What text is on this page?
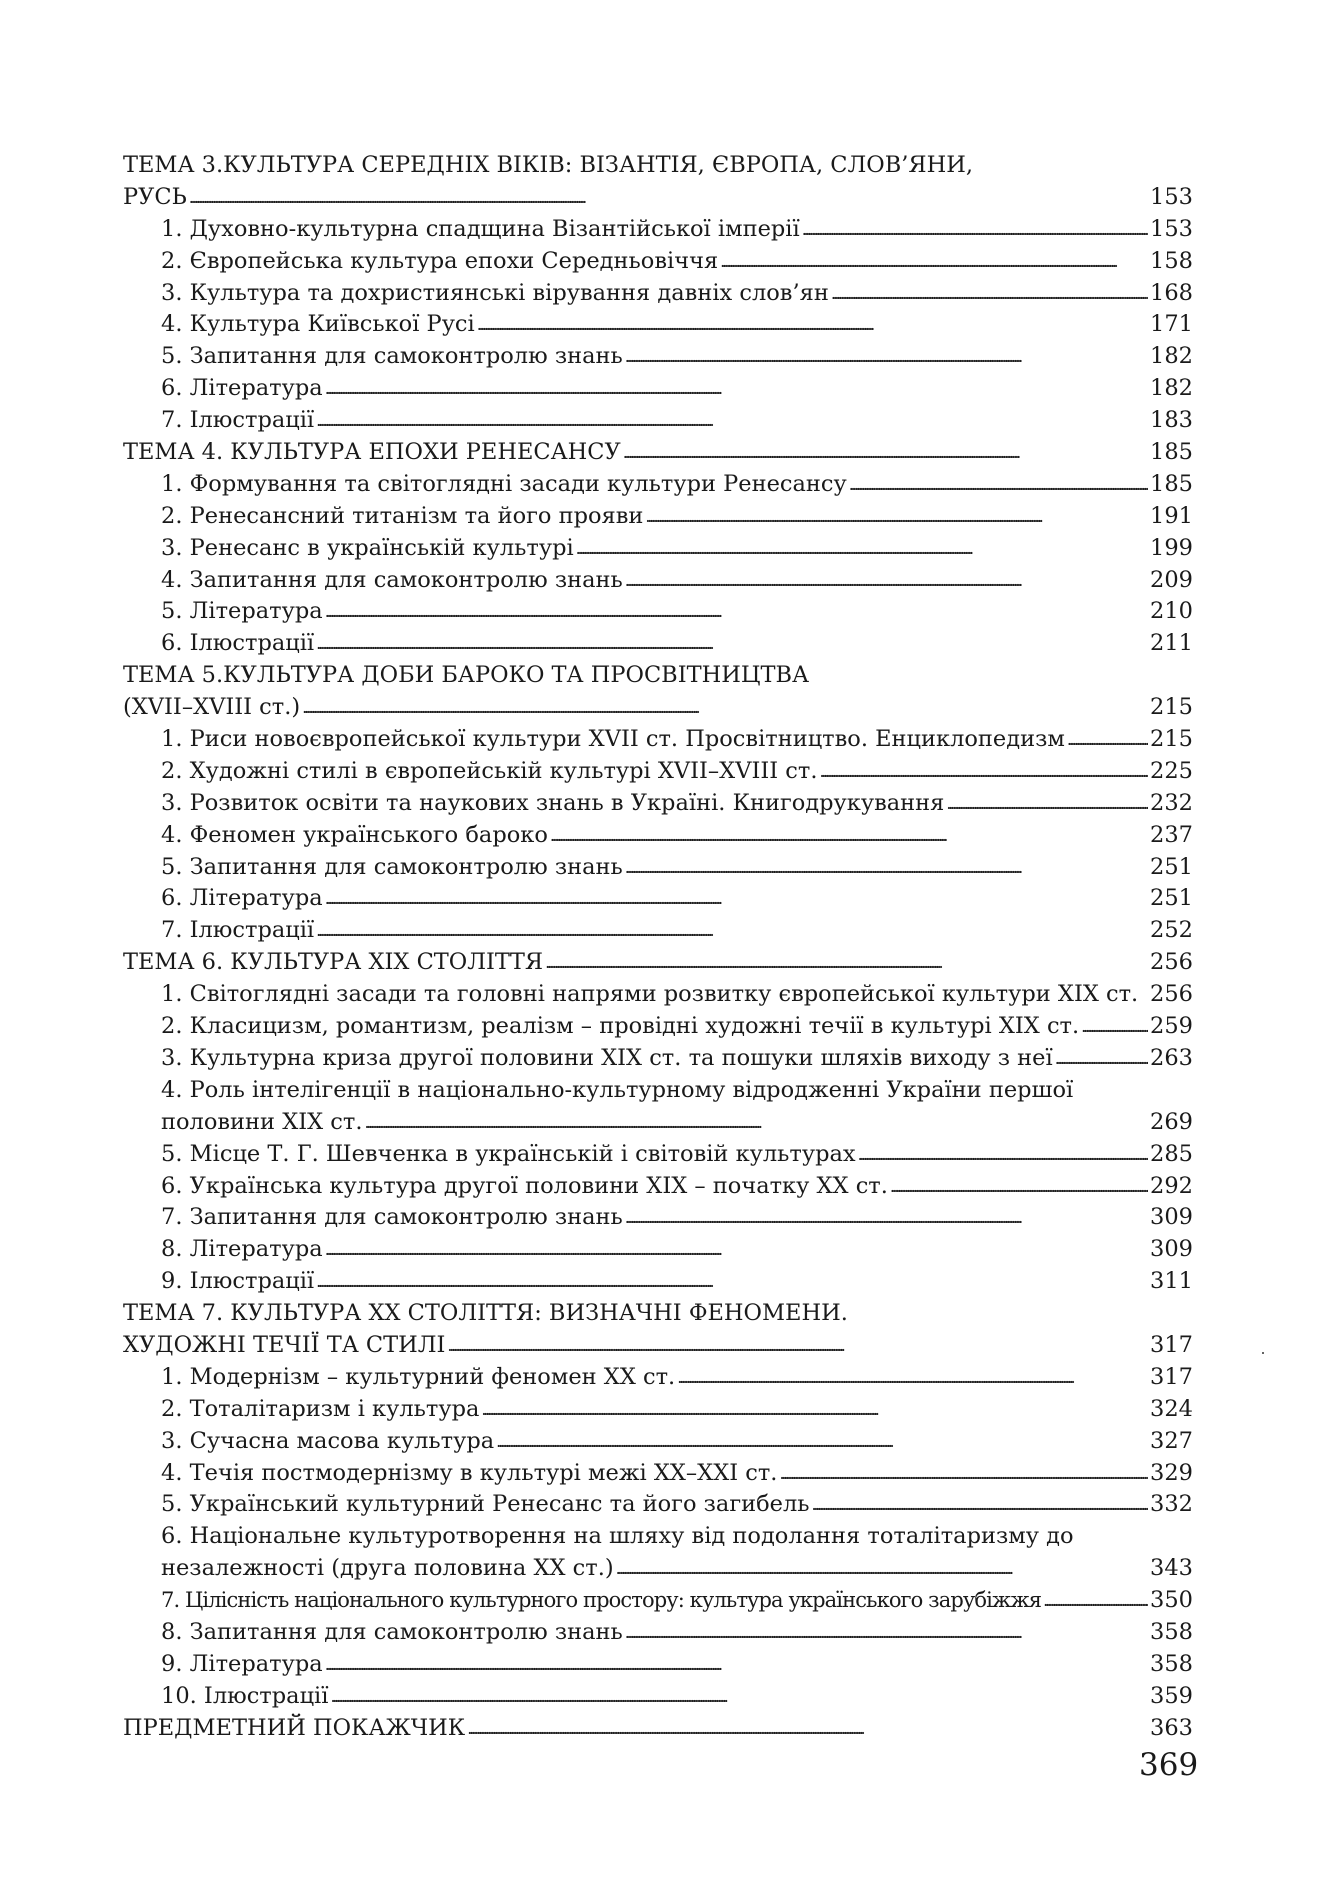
ТЕМА 3.КУЛЬТУРА СЕРЕДНІХ ВІКІВ: ВІЗАНТІЯ, ЄВРОПА, СЛОВ’ЯНИ,
РУСЬ . . .	153
1. Духовно-культурна спадщина Візантійської імперії . . .	153
2. Європейська культура епохи Середньовіччя . . .	158
3. Культура та дохристиянські вірування давніх слов’ян . . .	168
4. Культура Київської Русі . . .	171
5. Запитання для самоконтролю знань . . .	182
6. Література . . .	182
7. Ілюстрації . . .	183
ТЕМА 4. КУЛЬТУРА ЕПОХИ РЕНЕСАНСУ . . .	185
1. Формування та світоглядні засади культури Ренесансу . . .	185
2. Ренесансний титанізм та його прояви . . .	191
3. Ренесанс в українській культурі . . .	199
4. Запитання для самоконтролю знань . . .	209
5. Література . . .	210
6. Ілюстрації . . .	211
ТЕМА 5.КУЛЬТУРА ДОБИ БАРОКО ТА ПРОСВІТНИЦТВА
(XVII–XVIII ст.) . . .	215
1. Риси новоєвропейської культури XVII ст. Просвітництво. Енциклопедизм . . .	215
2. Художні стилі в європейській культурі XVII–XVIII ст. . . .	225
3. Розвиток освіти та наукових знань в Україні. Книгодрукування . . .	232
4. Феномен українського бароко . . .	237
5. Запитання для самоконтролю знань . . .	251
6. Література . . .	251
7. Ілюстрації . . .	252
ТЕМА 6. КУЛЬТУРА ХІХ СТОЛІТТЯ . . .	256
1. Світоглядні засади та головні напрями розвитку європейської культури ХІХ ст. 256
2. Класицизм, романтизм, реалізм – провідні художні течії в культурі ХІХ ст. . . .	259
3. Культурна криза другої половини ХІХ ст. та пошуки шляхів виходу з неї . . .	263
4. Роль інтелігенції в національно-культурному відродженні України першої
половини ХІХ ст. . . .	269
5. Місце Т. Г. Шевченка в українській і світовій культурах . . .	285
6. Українська культура другої половини ХІХ – початку ХХ ст. . . .	292
7. Запитання для самоконтролю знань . . .	309
8. Література . . .	309
9. Ілюстрації . . .	311
ТЕМА 7. КУЛЬТУРА ХХ СТОЛІТТЯ: ВИЗНАЧНІ ФЕНОМЕНИ.
ХУДОЖНІ ТЕЧІЇ ТА СТИЛІ . . .	317
1. Модернізм – культурний феномен ХХ ст. . . .	317
2. Тоталітаризм і культура . . .	324
3. Сучасна масова культура . . .	327
4. Течія постмодернізму в культурі межі ХХ–ХХІ ст. . . .	329
5. Український культурний Ренесанс та його загибель . . .	332
6. Національне культуротворення на шляху від подолання тоталітаризму до
незалежності (друга половина ХХ ст.) . . .	343
7. Цілісність національного культурного простору: культура українського зарубіжжя . . .	350
8. Запитання для самоконтролю знань . . .	358
9. Література . . .	358
10. Ілюстрації . . .	359
ПРЕДМЕТНИЙ ПОКАЖЧИК . . .	363
369
